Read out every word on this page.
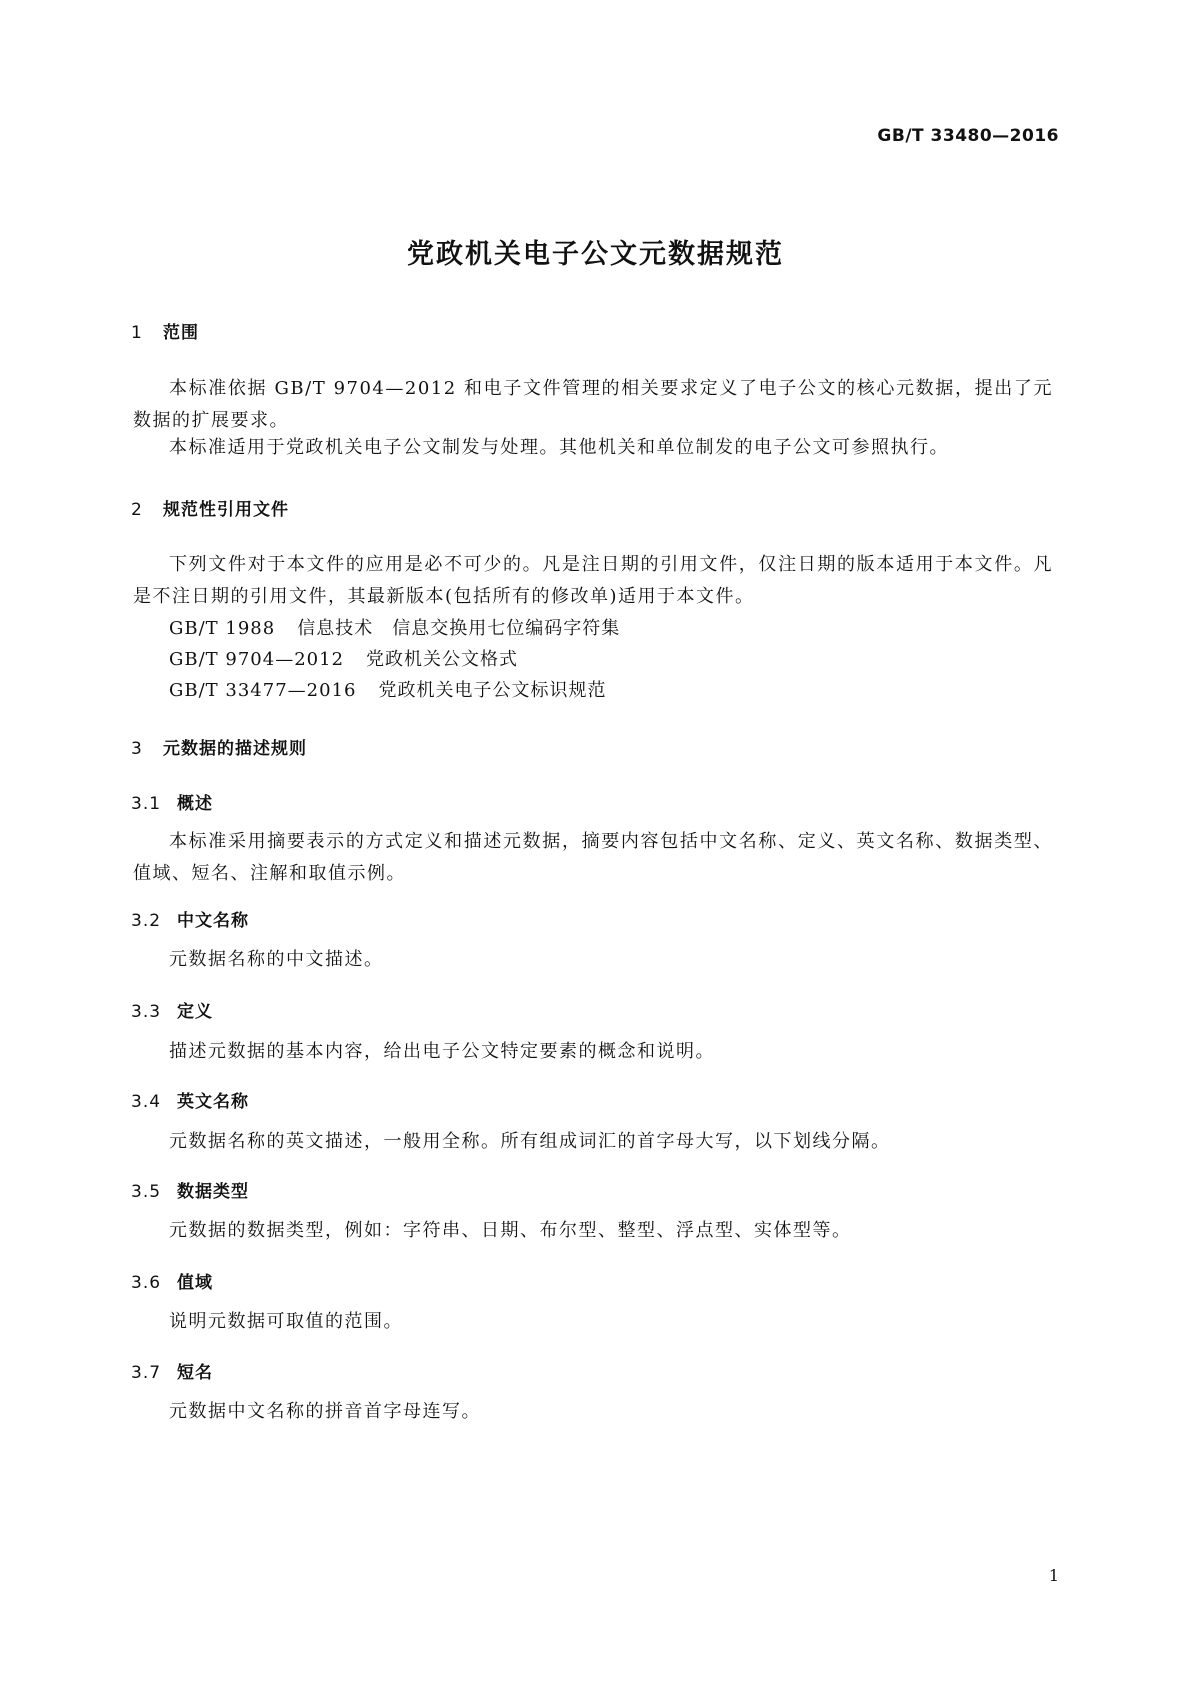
GB/T 33480—2016
党政机关电子公文元数据规范
1 范围
本标准依据 GB/T 9704—2012 和电子文件管理的相关要求定义了电子公文的核心元数据，提出了元数据的扩展要求。
本标准适用于党政机关电子公文制发与处理。其他机关和单位制发的电子公文可参照执行。
2 规范性引用文件
下列文件对于本文件的应用是必不可少的。凡是注日期的引用文件，仅注日期的版本适用于本文件。凡是不注日期的引用文件，其最新版本(包括所有的修改单)适用于本文件。
GB/T 1988 信息技术　信息交换用七位编码字符集
GB/T 9704—2012 党政机关公文格式
GB/T 33477—2016 党政机关电子公文标识规范
3 元数据的描述规则
3.1 概述
本标准采用摘要表示的方式定义和描述元数据，摘要内容包括中文名称、定义、英文名称、数据类型、值域、短名、注解和取值示例。
3.2 中文名称
元数据名称的中文描述。
3.3 定义
描述元数据的基本内容，给出电子公文特定要素的概念和说明。
3.4 英文名称
元数据名称的英文描述，一般用全称。所有组成词汇的首字母大写，以下划线分隔。
3.5 数据类型
元数据的数据类型，例如：字符串、日期、布尔型、整型、浮点型、实体型等。
3.6 值域
说明元数据可取值的范围。
3.7 短名
元数据中文名称的拼音首字母连写。
1
